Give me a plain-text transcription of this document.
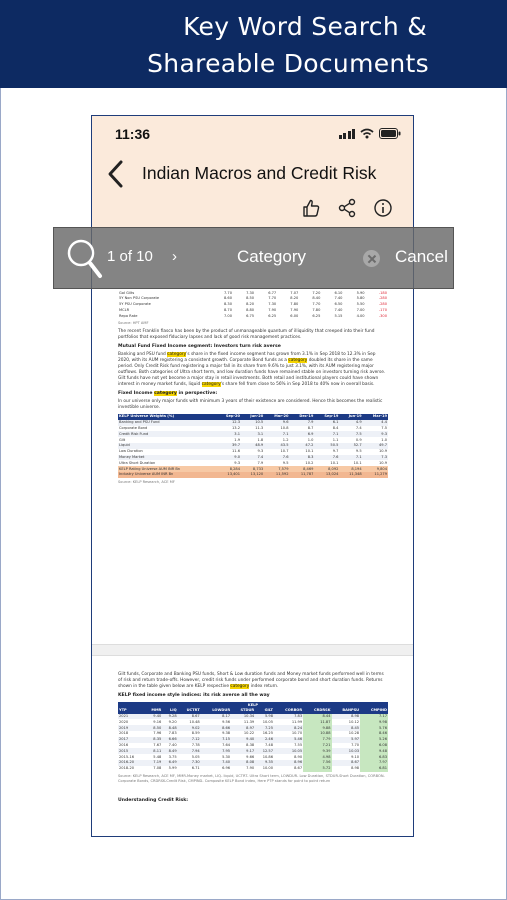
Key Word Search &
Shareable Documents
11:36
Indian Macros and Credit Risk

GoI Gilts	7.70	7.30	6.77	7.07	7.20	6.10	5.90	-180
5Y Non PSU Corporate	8.60	8.50	7.70	8.20	8.40	7.40	5.80	-280
5Y PSU Corporate	8.30	8.20	7.30	7.80	7.70	6.50	5.50	-280
MCLR	8.70	8.80	7.90	7.90	7.80	7.40	7.00	-170
Repo Rate	7.00	6.75	6.25	6.00	6.25	5.15	4.00	-300
Source: HPT AMF

The recent Franklin fiasco has been by the product of unmanageable quantum of illiquidity that creeped into their fund portfolios that exposed fiduciary lapses and lack of good risk management practices.

Mutual Fund Fixed Income segment: Investors turn risk averse

Banking and PSU fund category's share in the fixed income segment has grown from 3.1% in Sep 2018 to 12.3% in Sep 2020, with its AUM registering a consistent growth. Corporate Bond funds as a category doubled its share in the same period. Only Credit Risk fund registering a major fall in its share from 9.6% to just 3.1%, with its AUM registering major outflows. Both categories of Ultra short term, and low duration funds have remained stable on investors turning risk averse. Gilt funds have not yet become a major stay in retail investments. Both retail and institutional players could have shown interest in money market funds, liquid category's share fell from close to 56% in Sep 2018 to 40% now in overall basis.

Fixed Income category in perspective:

In our universe only major funds with minimum 3 years of their existence are considered. Hence this becomes the realistic investible universe.

KELP Universe Weights (%)	Sep-20	Jun-20	Mar-20	Dec-19	Sep-19	Jun-19	Mar-19
Banking and PSU Fund	12.3	10.5	9.6	7.9	6.1	4.9	4.4
Corporate Bond	13.2	11.3	10.8	8.7	8.4	7.4	7.5
Credit Risk Fund	3.1	3.1	7.1	6.9	7.1	7.5	9.3
Gilt	1.9	1.8	1.2	1.0	1.1	0.9	1.0
Liquid	39.7	48.9	43.5	47.2	50.5	52.7	49.7
Low Duration	11.6	9.3	10.7	10.1	9.7	9.5	10.9
Money Market	9.0	7.4	7.6	8.3	7.6	7.1	7.3
Ultra Short Duration	9.3	7.9	9.5	10.2	10.1	10.1	10.9
KELP Rating Universe AUM INR Bn	8,284	8,733	7,579	8,469	8,092	8,194	9,804
Industry Universe AUM INR Bn	13,401	13,120	11,592	11,787	13,024	11,348	11,279
Source: KELP Research, ACE MF

Gilt funds, Corporate and Banking PSU funds, Short & Low duration funds and Money market funds performed well in terms of risk and return trade-offs. However, credit risk funds under performed corporate bond and short duration funds. Returns shown in the table given below are KELP respective category index return.

KELP fixed income style indices: its risk averse all the way
KELP										
YTP	MMR	LIQ	UCTRT	LOWDUR	STDUR	GILT	CORBOR	CRDRSK	BANPSU	CMPIND
2021	9.40	9.28	8.67	8.17	10.34	5.98	7.83	8.44	8.98	7.17
2020	9.16	9.20	10.48	9.56	11.39	10.05	11.99	11.87	10.12	9.98
2019	8.50	8.48	9.02	8.66	8.97	7.25	8.24	9.88	8.45	5.76
2018	7.96	7.83	8.59	9.38	10.22	16.25	10.70	10.88	10.28	8.46
2017	8.35	6.66	7.12	7.15	9.40	2.46	5.46	7.79	5.97	5.26
2016	7.67	7.40	7.78	7.64	8.38	7.48	7.55	7.21	7.70	6.08
2015	8.11	8.49	7.94	7.95	9.17	12.57	10.05	9.39	10.03	9.48
2015-16	5.48	3.75	5.05	5.30	9.66	10.86	8.90	4.98	9.10	6.83
2016-20	7.19	6.49	7.30	7.40	8.08	9.35	8.96	7.56	8.67	7.97
2018-20	7.08	5.99	6.71	6.96	7.90	10.00	8.67	5.72	8.98	6.81
Source: KELP Research, ACE MF, MMR-Money market, LIQ- liquid, UCTRT- Ultra Short term, LOWDUR- Low Duration, STDUR-Short Duration, CORBON-Corporate Bonds, CRDRSK-Credit Risk, CMPIND- Composite KELP Bond index, Here PTP stands for point to point return
Understanding Credit Risk:
1 of 10 ›	Category	Cancel
